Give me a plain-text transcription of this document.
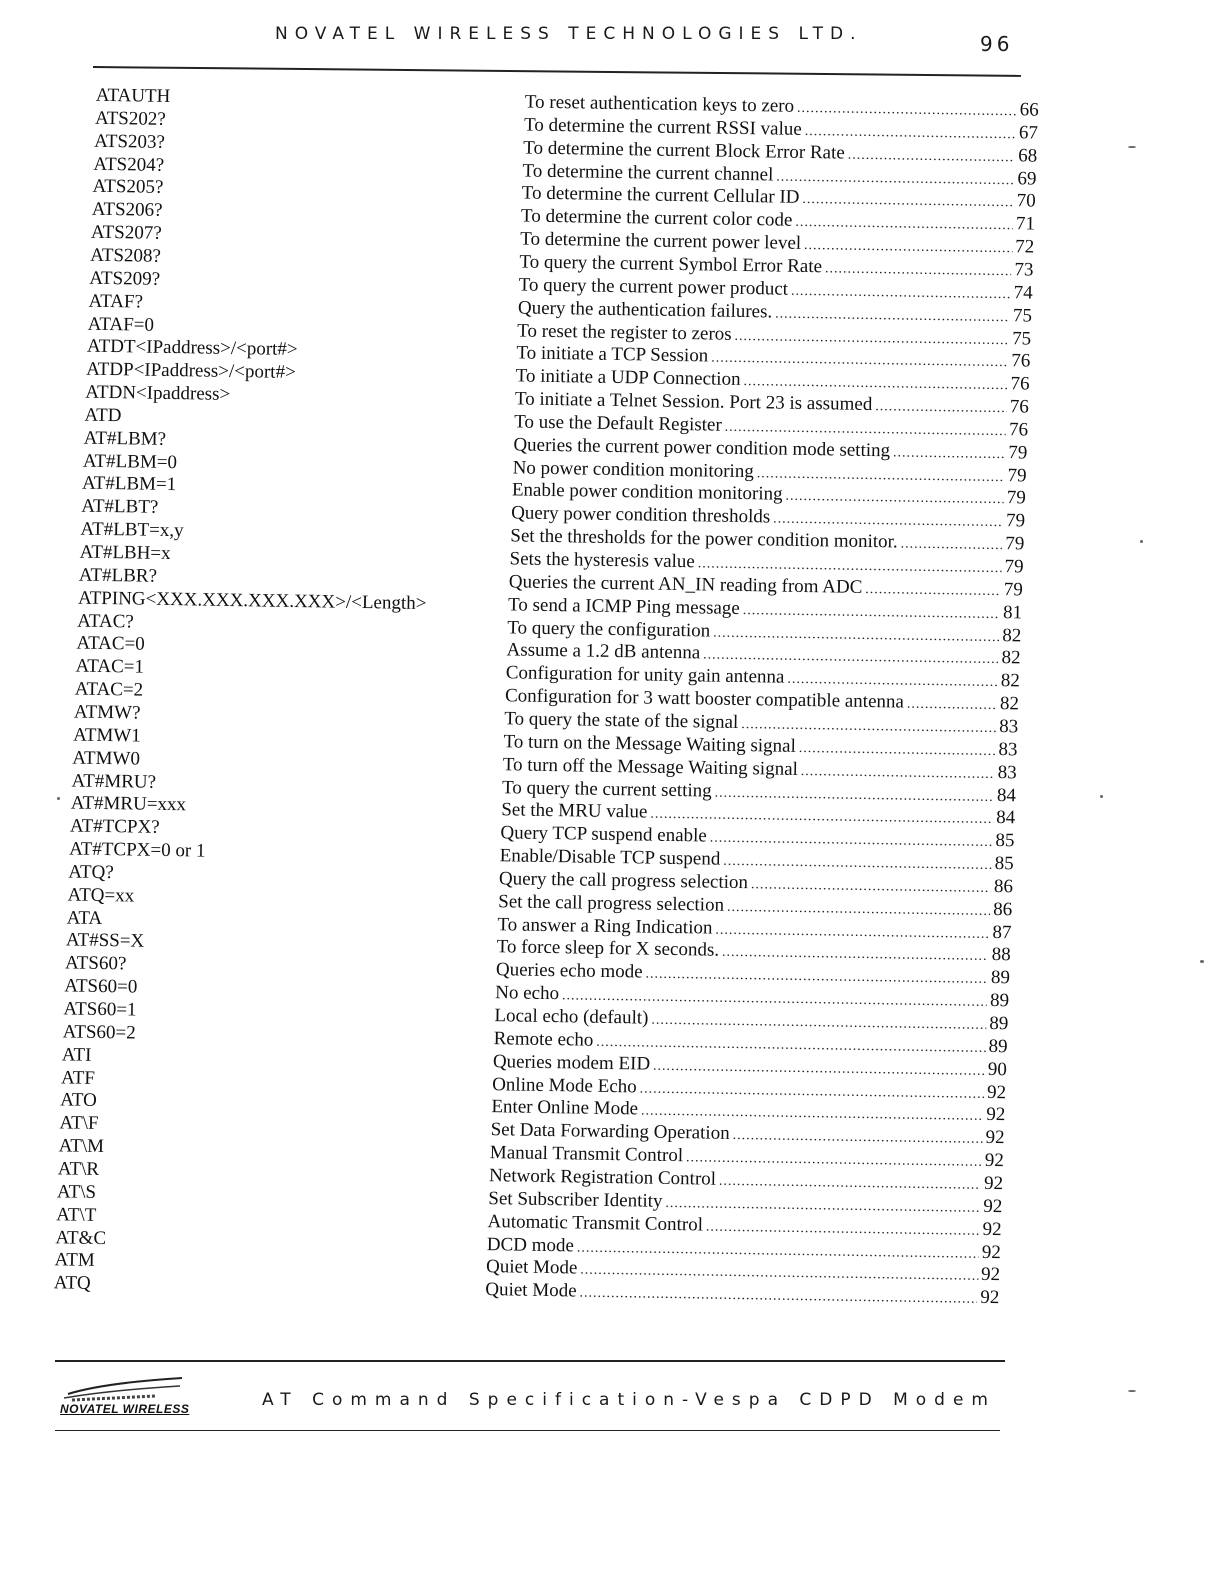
NOVATEL WIRELESS TECHNOLOGIES LTD.	96
ATAUTH	To reset authentication keys to zero .....	66
ATS202?	To determine the current RSSI value .....	67
ATS203?	To determine the current Block Error Rate .....	68
ATS204?	To determine the current channel .....	69
ATS205?	To determine the current Cellular ID .....	70
ATS206?	To determine the current color code .....	71
ATS207?	To determine the current power level .....	72
ATS208?	To query the current Symbol Error Rate .....	73
ATS209?	To query the current power product .....	74
ATAF?	Query the authentication failures. .....	75
ATAF=0	To reset the register to zeros .....	75
ATDT<IPaddress>/<port#>	To initiate a TCP Session .....	76
ATDP<IPaddress>/<port#>	To initiate a UDP Connection .....	76
ATDN<Ipaddress>	To initiate a Telnet Session. Port 23 is assumed .....	76
ATD	To use the Default Register .....	76
AT#LBM?	Queries the current power condition mode setting .....	79
AT#LBM=0	No power condition monitoring .....	79
AT#LBM=1	Enable power condition monitoring .....	79
AT#LBT?	Query power condition thresholds .....	79
AT#LBT=x,y	Set the thresholds for the power condition monitor. .....	79
AT#LBH=x	Sets the hysteresis value .....	79
AT#LBR?	Queries the current AN_IN reading from ADC .....	79
ATPING<XXX.XXX.XXX.XXX>/<Length>	To send a ICMP Ping message .....	81
ATAC?	To query the configuration .....	82
ATAC=0	Assume a 1.2 dB antenna .....	82
ATAC=1	Configuration for unity gain antenna .....	82
ATAC=2	Configuration for 3 watt booster compatible antenna .....	82
ATMW?	To query the state of the signal .....	83
ATMW1	To turn on the Message Waiting signal .....	83
ATMW0	To turn off the Message Waiting signal .....	83
AT#MRU?	To query the current setting .....	84
AT#MRU=xxx	Set the MRU value .....	84
AT#TCPX?	Query TCP suspend enable .....	85
AT#TCPX=0 or 1	Enable/Disable TCP suspend .....	85
ATQ?	Query the call progress selection .....	86
ATQ=xx	Set the call progress selection .....	86
ATA	To answer a Ring Indication .....	87
AT#SS=X	To force sleep for X seconds. .....	88
ATS60?	Queries echo mode .....	89
ATS60=0	No echo .....	89
ATS60=1	Local echo (default) .....	89
ATS60=2	Remote echo .....	89
ATI	Queries modem EID .....	90
ATF	Online Mode Echo .....	92
ATO	Enter Online Mode .....	92
AT\F	Set Data Forwarding Operation .....	92
AT\M	Manual Transmit Control .....	92
AT\R	Network Registration Control .....	92
AT\S	Set Subscriber Identity .....	92
AT\T	Automatic Transmit Control .....	92
AT&C	DCD mode .....	92
ATM	Quiet Mode .....	92
ATQ	Quiet Mode .....	92
NOVATEL WIRELESS	AT Command Specification-Vespa CDPD Modem
